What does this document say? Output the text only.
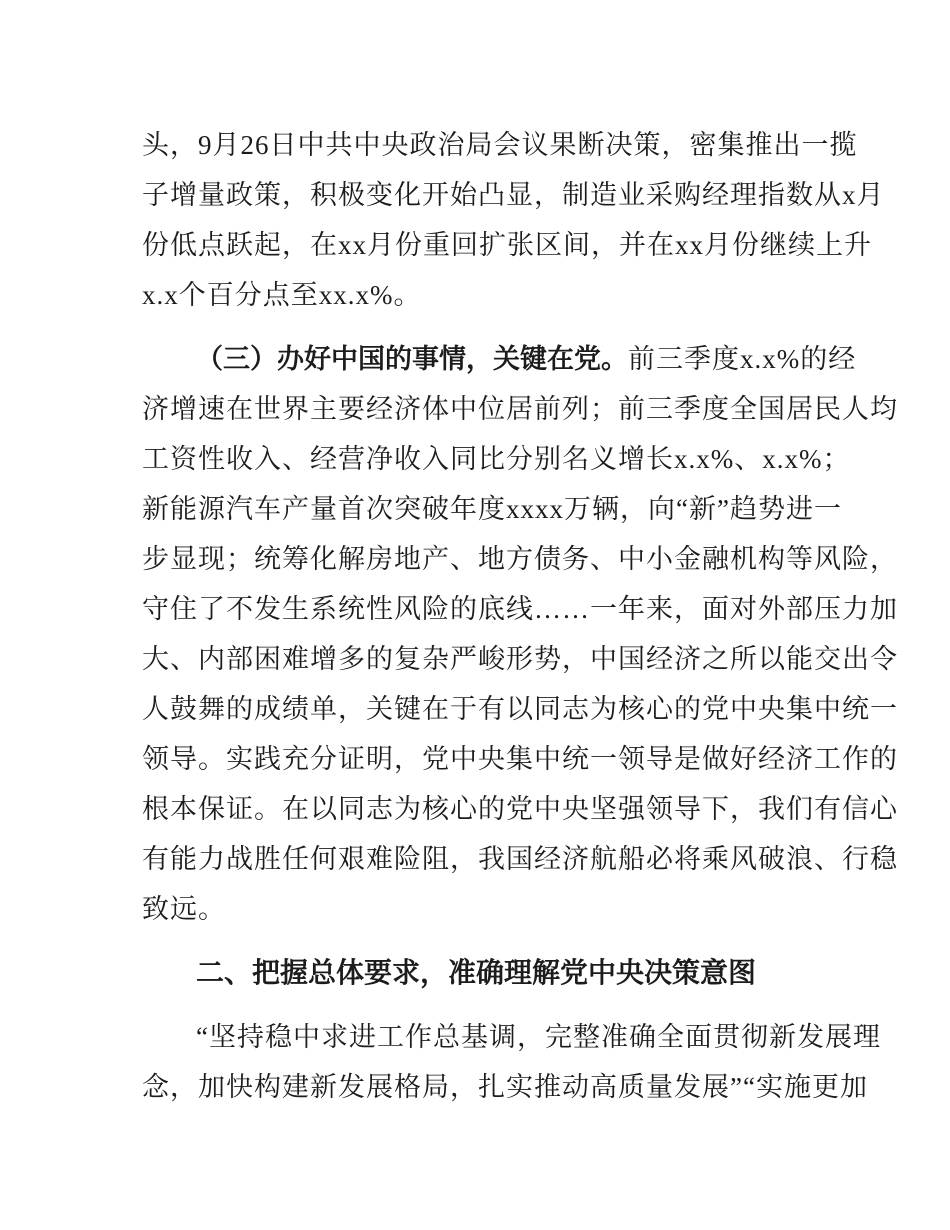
头，9月26日中共中央政治局会议果断决策，密集推出一揽
子增量政策，积极变化开始凸显，制造业采购经理指数从x月
份低点跃起，在xx月份重回扩张区间，并在xx月份继续上升
x.x个百分点至xx.x%。
（三）办好中国的事情，关键在党。前三季度x.x%的经
济增速在世界主要经济体中位居前列；前三季度全国居民人均
工资性收入、经营净收入同比分别名义增长x.x%、x.x%；
新能源汽车产量首次突破年度xxxx万辆，向“新”趋势进一
步显现；统筹化解房地产、地方债务、中小金融机构等风险，
守住了不发生系统性风险的底线……一年来，面对外部压力加
大、内部困难增多的复杂严峻形势，中国经济之所以能交出令
人鼓舞的成绩单，关键在于有以同志为核心的党中央集中统一
领导。实践充分证明，党中央集中统一领导是做好经济工作的
根本保证。在以同志为核心的党中央坚强领导下，我们有信心
有能力战胜任何艰难险阻，我国经济航船必将乘风破浪、行稳
致远。
二、把握总体要求，准确理解党中央决策意图
“坚持稳中求进工作总基调，完整准确全面贯彻新发展理
念，加快构建新发展格局，扎实推动高质量发展”“实施更加
